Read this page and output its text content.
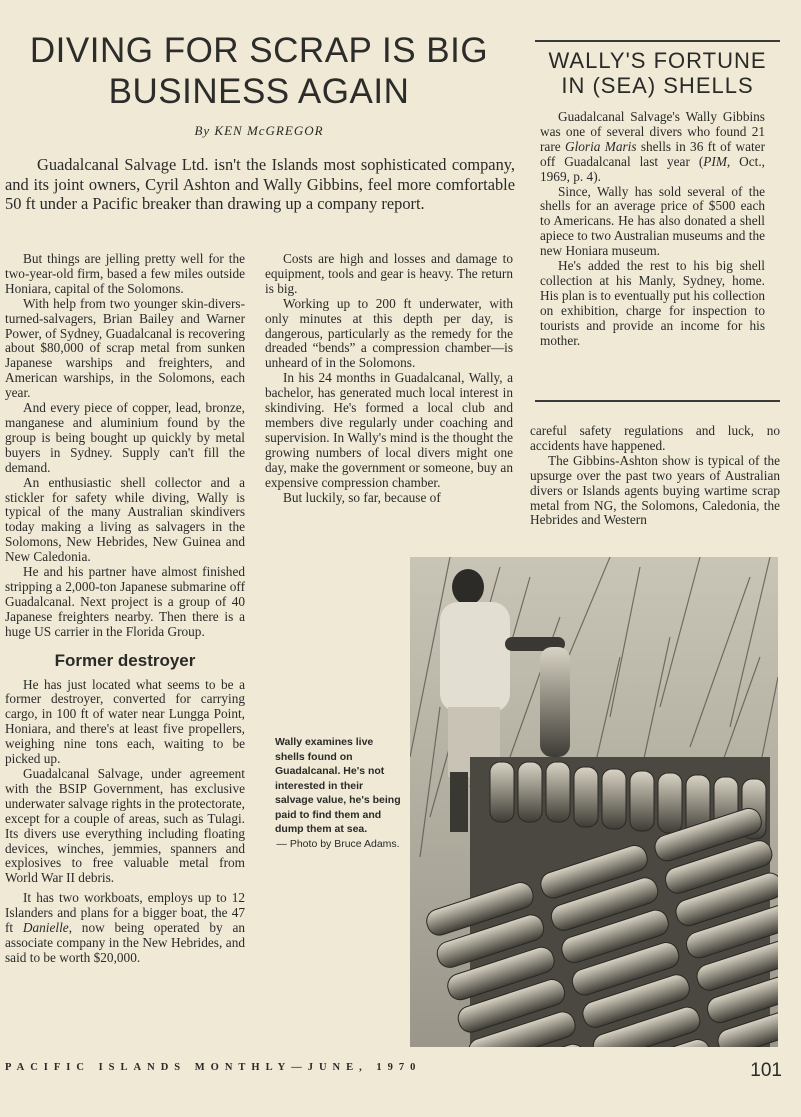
DIVING FOR SCRAP IS BIG
BUSINESS AGAIN
By KEN McGREGOR

Guadalcanal Salvage Ltd. isn't the Islands most sophisticated company, and its joint owners, Cyril Ashton and Wally Gibbins, feel more comfortable 50 ft under a Pacific breaker than drawing up a company report.

But things are jelling pretty well for the two-year-old firm, based a few miles outside Honiara, capital of the Solomons.

With help from two younger skin-divers-turned-salvagers, Brian Bailey and Warner Power, of Sydney, Guadalcanal is recovering about $80,000 of scrap metal from sunken Japanese warships and freighters, and American warships, in the Solomons, each year.

And every piece of copper, lead, bronze, manganese and aluminium found by the group is being bought up quickly by metal buyers in Sydney. Supply can't fill the demand.

An enthusiastic shell collector and a stickler for safety while diving, Wally is typical of the many Australian skindivers today making a living as salvagers in the Solomons, New Hebrides, New Guinea and New Caledonia.

He and his partner have almost finished stripping a 2,000-ton Japanese submarine off Guadalcanal. Next project is a group of 40 Japanese freighters nearby. Then there is a huge US carrier in the Florida Group.

Former destroyer

He has just located what seems to be a former destroyer, converted for carrying cargo, in 100 ft of water near Lungga Point, Honiara, and there's at least five propellers, weighing nine tons each, waiting to be picked up.

Guadalcanal Salvage, under agreement with the BSIP Government, has exclusive underwater salvage rights in the protectorate, except for a couple of areas, such as Tulagi. Its divers use everything including floating devices, winches, jemmies, spanners and explosives to free valuable metal from World War II debris.

It has two workboats, employs up to 12 Islanders and plans for a bigger boat, the 47 ft Danielle, now being operated by an associate company in the New Hebrides, and said to be worth $20,000.

Costs are high and losses and damage to equipment, tools and gear is heavy. The return is big.

Working up to 200 ft underwater, with only minutes at this depth per day, is dangerous, particularly as the remedy for the dreaded “bends” a compression chamber—is unheard of in the Solomons.

In his 24 months in Guadalcanal, Wally, a bachelor, has generated much local interest in skindiving. He's formed a local club and members dive regularly under coaching and supervision. In Wally's mind is the thought the growing numbers of local divers might one day, make the government or someone, buy an expensive compression chamber.

But luckily, so far, because of

WALLY'S FORTUNE
IN (SEA) SHELLS

Guadalcanal Salvage's Wally Gibbins was one of several divers who found 21 rare Gloria Maris shells in 36 ft of water off Guadalcanal last year (PIM, Oct., 1969, p. 4).

Since, Wally has sold several of the shells for an average price of $500 each to Americans. He has also donated a shell apiece to two Australian museums and the new Honiara museum.

He's added the rest to his big shell collection at his Manly, Sydney, home. His plan is to eventually put his collection on exhibition, charge for inspection to tourists and provide an income for his mother.

careful safety regulations and luck, no accidents have happened.

The Gibbins-Ashton show is typical of the upsurge over the past two years of Australian divers or Islands agents buying wartime scrap metal from NG, the Solomons, Caledonia, the Hebrides and Western

Wally examines live shells found on Guadalcanal. He's not interested in their salvage value, he's being paid to find them and dump them at sea.
— Photo by Bruce Adams.
PACIFIC ISLANDS MONTHLY—JUNE, 1970	101
